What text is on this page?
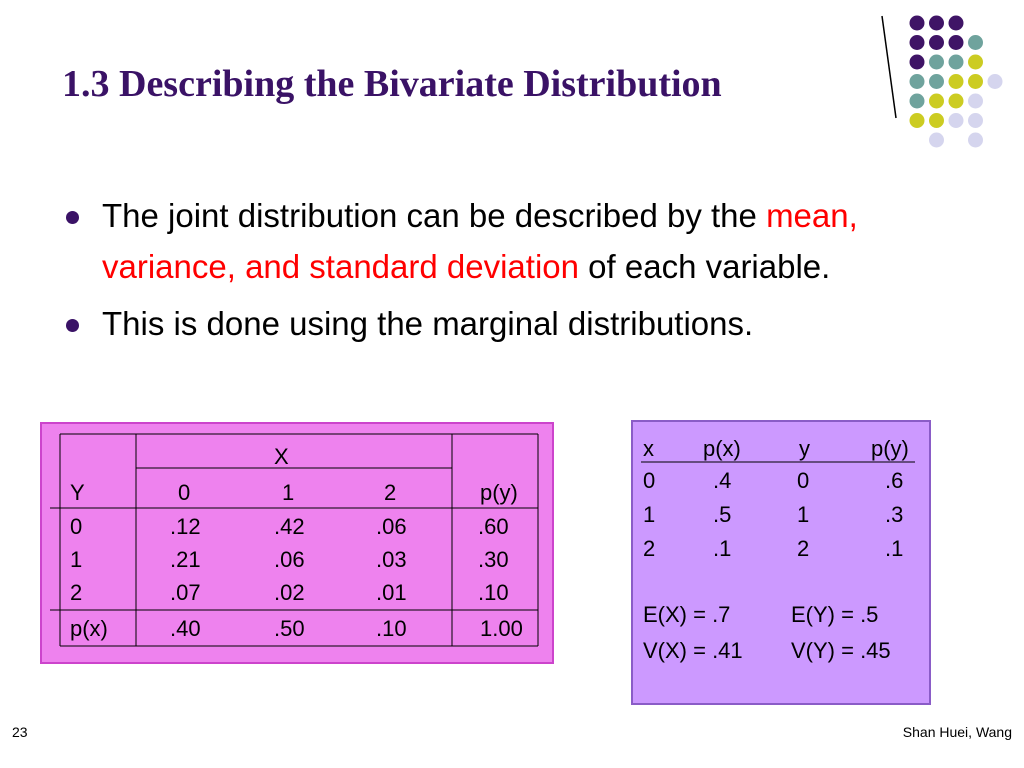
1.3 Describing the Bivariate Distribution
The joint distribution can be described by the mean, variance, and standard deviation of each variable.
This is done using the marginal distributions.
X
Y	0	1	2	p(y)
0	.12	.42	.06	.60
1	.21	.06	.03	.30
2	.07	.02	.01	.10
p(x)	.40	.50	.10	1.00
x p(x)	y	p(y)
0	.4	0	.6
1	.5	1	.3
2	.1	2	.1
E(X) = .7	E(Y) = .5
V(X) = .41 V(Y) = .45
23	Shan Huei, Wang
